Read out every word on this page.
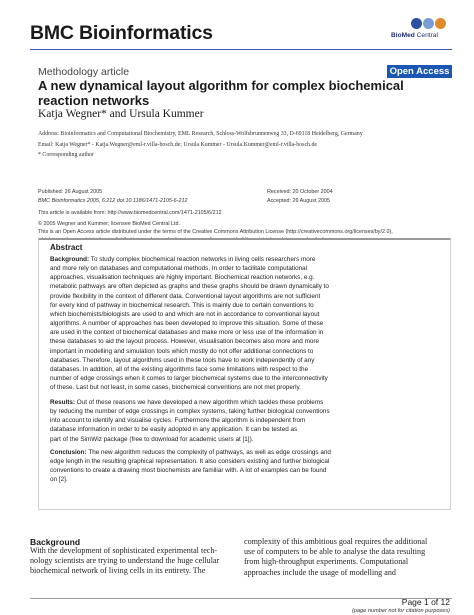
BMC Bioinformatics	BioMed Central
Methodology article	Open Access
A new dynamical layout algorithm for complex biochemical reaction networks
Katja Wegner* and Ursula Kummer
Address: Bioinformatics and Computational Biochemistry, EML Research, Schloss-Wolfsbrunnenweg 33, D-69118 Heidelberg, Germany
Email: Katja Wegner* - Katja.Wegner@eml-r.villa-bosch.de; Ursula Kummer - Ursula.Kummer@eml-r.villa-bosch.de
* Corresponding author
Published: 26 August 2005
BMC Bioinformatics 2005, 6:212 doi:10.1186/1471-2105-6-212
Received: 20 October 2004
Accepted: 26 August 2005
This article is available from: http://www.biomedcentral.com/1471-2105/6/212
© 2005 Wegner and Kummer; licensee BioMed Central Ltd.
This is an Open Access article distributed under the terms of the Creative Commons Attribution License (http://creativecommons.org/licenses/by/2.0),
Abstract
Background: To study complex biochemical reaction networks in living cells researchers more
and more rely on databases and computational methods. In order to facilitate computational
approaches, visualisation techniques are highly important. Biochemical reaction networks, e.g.
metabolic pathways are often depicted as graphs and these graphs should be drawn dynamically to
provide flexibility in the context of different data. Conventional layout algorithms are not sufficient
for every kind of pathway in biochemical research. This is mainly due to certain conventions to
which biochemists/biologists are used to and which are not in accordance to conventional layout
algorithms. A number of approaches has been developed to improve this situation. Some of these
are used in the context of biochemical databases and make more or less use of the information in
these databases to aid the layout process. However, visualisation becomes also more and more
important in modelling and simulation tools which mostly do not offer additional connections to
databases. Therefore, layout algorithms used in these tools have to work independently of any
databases. In addition, all of the existing algorithms face some limitations with respect to the
number of edge crossings when it comes to larger biochemical systems due to the interconnectivity
of these. Last but not least, in some cases, biochemical conventions are not met properly.
Results: Out of these reasons we have developed a new algorithm which tackles these problems
by reducing the number of edge crossings in complex systems, taking further biological conventions
into account to identify and visualise cycles. Furthermore the algorithm is independent from
database information in order to be easily adopted in any application. It can be tested as
part of the SimWiz package (free to download for academic users at [1]).
Conclusion: The new algorithm reduces the complexity of pathways, as well as edge crossings and
edge length in the resulting graphical representation. It also considers existing and further biological
conventions to create a drawing most biochemists are familiar with. A lot of examples can be found
on [2].
Background
With the development of sophisticated experimental tech-
nology scientists are trying to understand the huge cellular
biochemical network of living cells in its entirety. The
complexity of this ambitious goal requires the additional
use of computers to be able to analyse the data resulting
from high-throughput experiments. Computational
approaches include the usage of modelling and
Page 1 of 12
(page number not for citation purposes)
